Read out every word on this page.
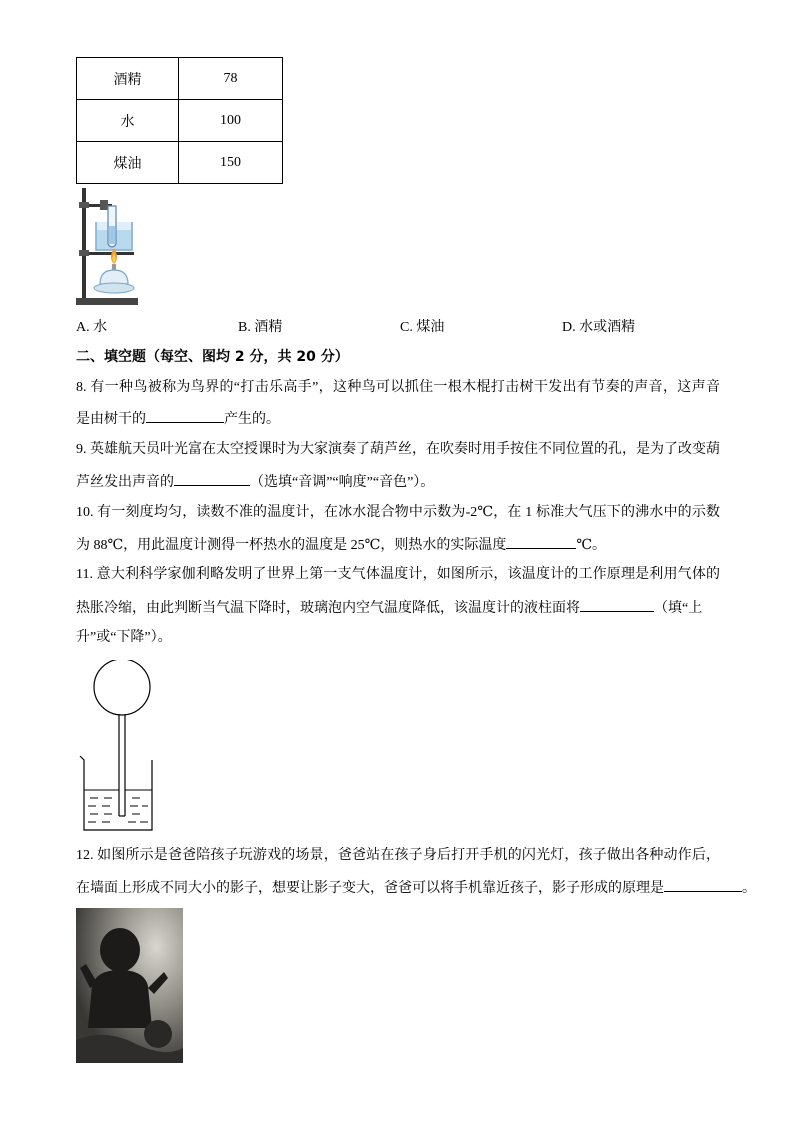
酒精	78
水	100
煤油	150
A. 水	B. 酒精	C. 煤油	D. 水或酒精
二、填空题（每空、图均 2 分，共 20 分）
8. 有一种鸟被称为鸟界的“打击乐高手”，这种鸟可以抓住一根木棍打击树干发出有节奏的声音，这声音
是由树干的	产生的。
9. 英雄航天员叶光富在太空授课时为大家演奏了葫芦丝，在吹奏时用手按住不同位置的孔，是为了改变葫
芦丝发出声音的	（选填“音调”“响度”“音色”）。
10. 有一刻度均匀，读数不准的温度计，在冰水混合物中示数为-2℃，在 1 标准大气压下的沸水中的示数
为 88℃，用此温度计测得一杯热水的温度是 25℃，则热水的实际温度	℃。
11. 意大利科学家伽利略发明了世界上第一支气体温度计，如图所示，该温度计的工作原理是利用气体的
热胀冷缩，由此判断当气温下降时，玻璃泡内空气温度降低，该温度计的液柱面将	（填“上
升”或“下降”）。
12. 如图所示是爸爸陪孩子玩游戏的场景，爸爸站在孩子身后打开手机的闪光灯，孩子做出各种动作后，
在墙面上形成不同大小的影子，想要让影子变大，爸爸可以将手机靠近孩子，影子形成的原理是	。
